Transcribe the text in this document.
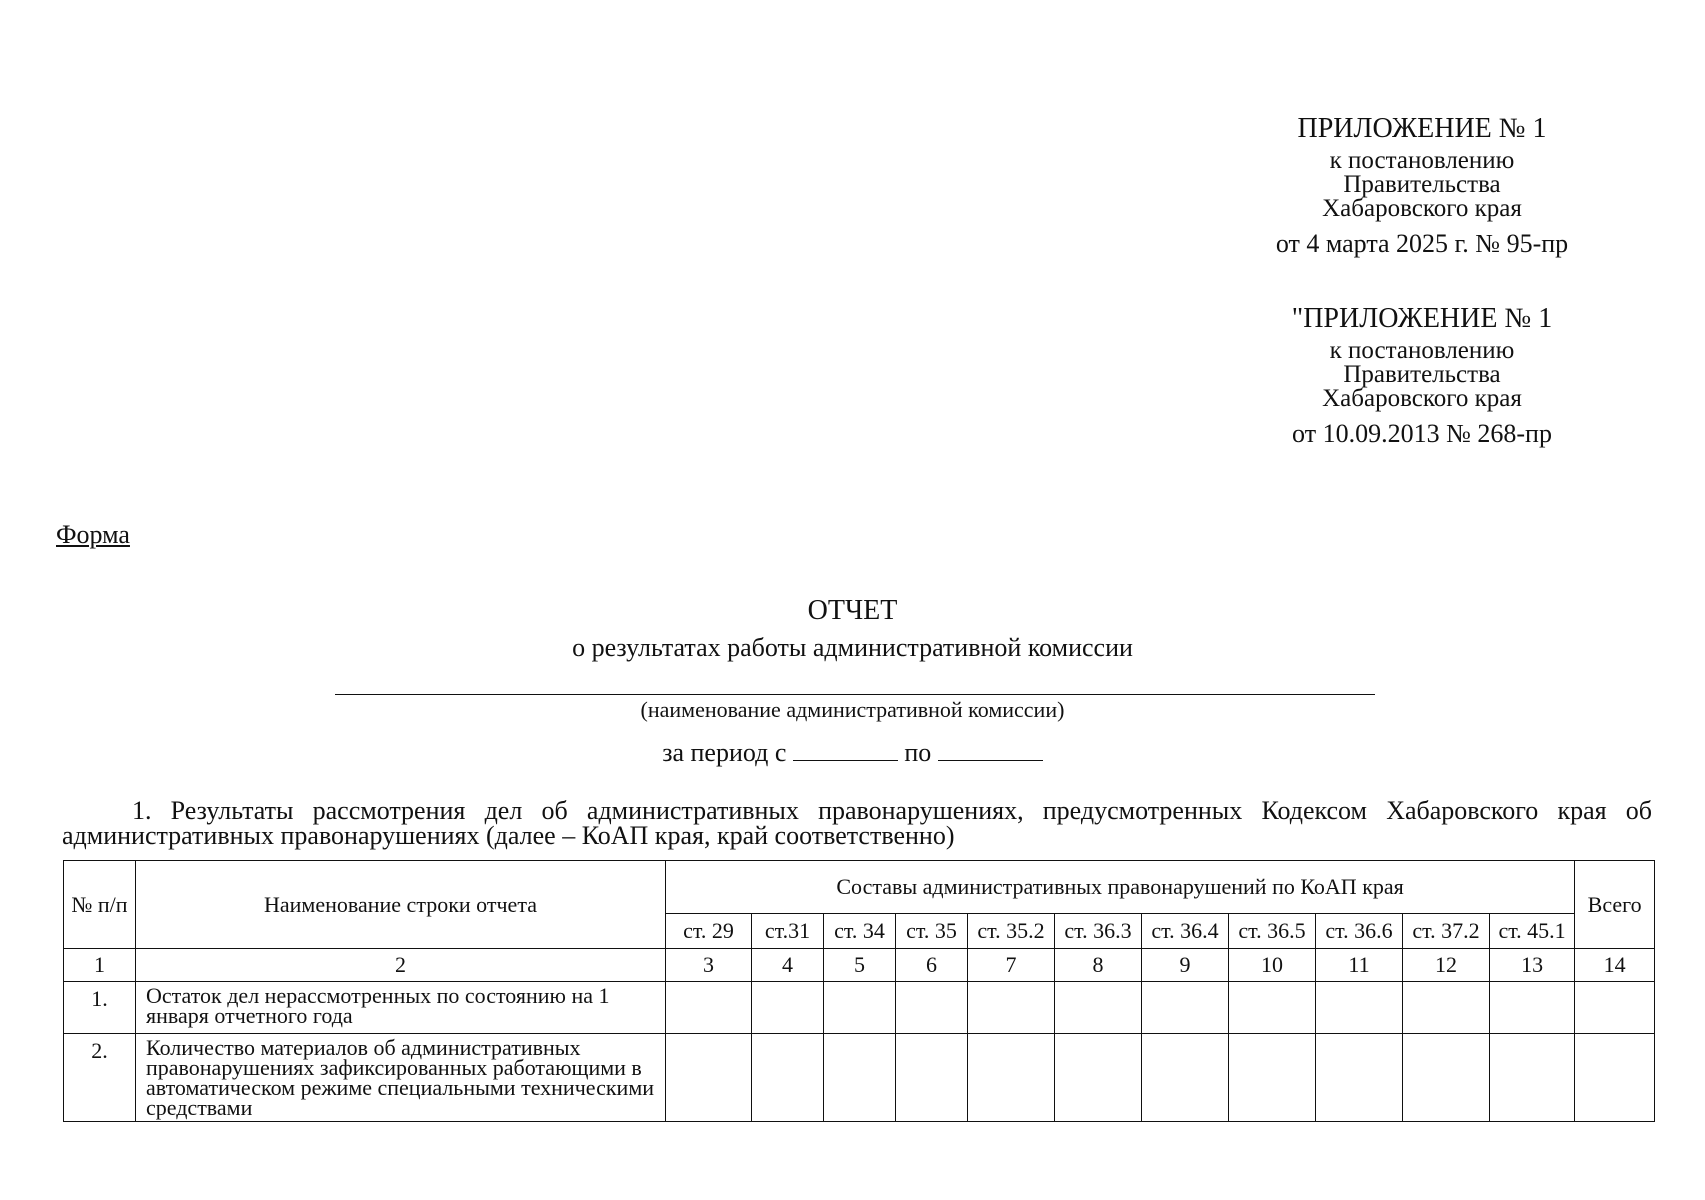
ПРИЛОЖЕНИЕ № 1
к постановлению
Правительства
Хабаровского края
от 4 марта 2025 г. № 95-пр
"ПРИЛОЖЕНИЕ № 1
к постановлению
Правительства
Хабаровского края
от 10.09.2013 № 268-пр
Форма
ОТЧЕТ
о результатах работы административной комиссии
(наименование административной комиссии)
за период с	по
1. Результаты рассмотрения дел об административных правонарушениях, предусмотренных Кодексом Хабаровского края об административных правонарушениях (далее – КоАП края, край соответственно)
№ п/п	Наименование строки отчета	Составы административных правонарушений по КоАП края											Всего
		ст. 29	ст.31	ст. 34	ст. 35	ст. 35.2	ст. 36.3	ст. 36.4	ст. 36.5	ст. 36.6	ст. 37.2	ст. 45.1	
1	2	3	4	5	6	7	8	9	10	11	12	13	14
1.	Остаток дел нерассмотренных по состоянию на 1 января отчетного года												
2.	Количество материалов об административных правонарушениях зафиксированных работающими в автоматическом режиме специальными техническими средствами												
